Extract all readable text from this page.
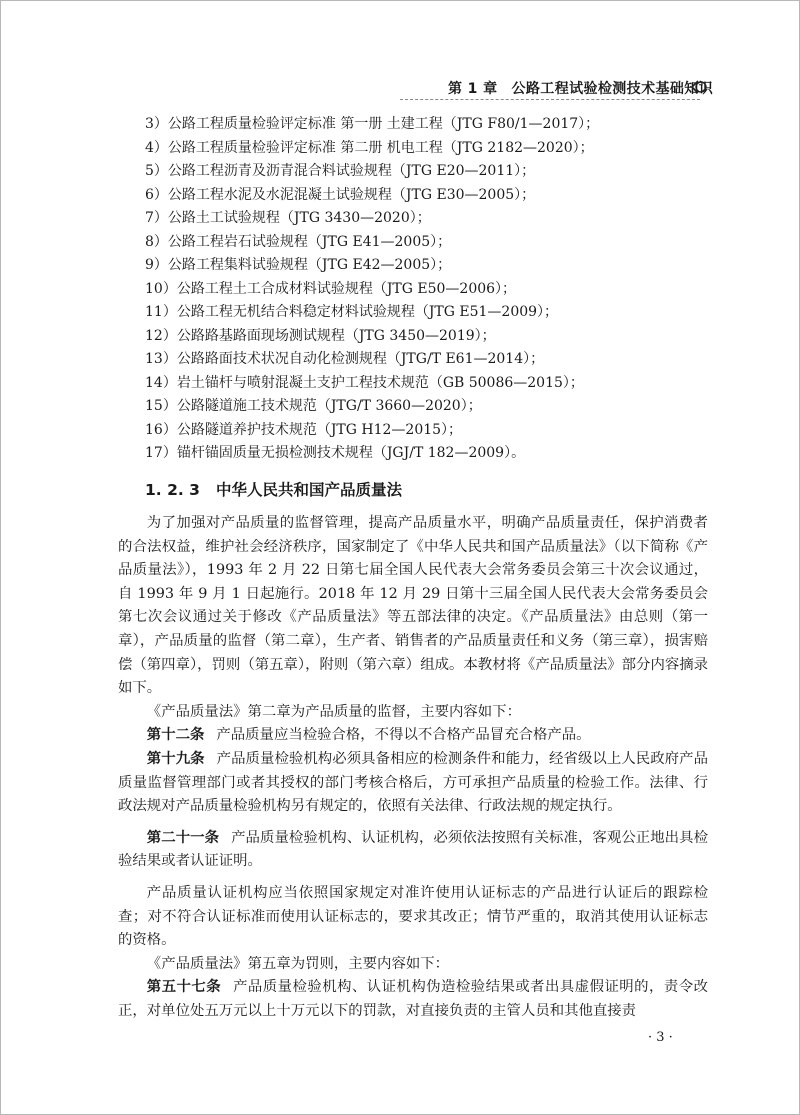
第 1 章 公路工程试验检测技术基础知识
3）公路工程质量检验评定标准 第一册 土建工程（JTG F80/1—2017）；
4）公路工程质量检验评定标准 第二册 机电工程（JTG 2182—2020）；
5）公路工程沥青及沥青混合料试验规程（JTG E20—2011）；
6）公路工程水泥及水泥混凝土试验规程（JTG E30—2005）；
7）公路土工试验规程（JTG 3430—2020）；
8）公路工程岩石试验规程（JTG E41—2005）；
9）公路工程集料试验规程（JTG E42—2005）；
10）公路工程土工合成材料试验规程（JTG E50—2006）；
11）公路工程无机结合料稳定材料试验规程（JTG E51—2009）；
12）公路路基路面现场测试规程（JTG 3450—2019）；
13）公路路面技术状况自动化检测规程（JTG/T E61—2014）；
14）岩土锚杆与喷射混凝土支护工程技术规范（GB 50086—2015）；
15）公路隧道施工技术规范（JTG/T 3660—2020）；
16）公路隧道养护技术规范（JTG H12—2015）；
17）锚杆锚固质量无损检测技术规程（JGJ/T 182—2009）。
1. 2. 3 中华人民共和国产品质量法

为了加强对产品质量的监督管理，提高产品质量水平，明确产品质量责任，保护消费者的合法权益，维护社会经济秩序，国家制定了《中华人民共和国产品质量法》（以下简称《产品质量法》），1993 年 2 月 22 日第七届全国人民代表大会常务委员会第三十次会议通过，自 1993 年 9 月 1 日起施行。2018 年 12 月 29 日第十三届全国人民代表大会常务委员会第七次会议通过关于修改《产品质量法》等五部法律的决定。《产品质量法》由总则（第一章），产品质量的监督（第二章），生产者、销售者的产品质量责任和义务（第三章），损害赔偿（第四章），罚则（第五章），附则（第六章）组成。本教材将《产品质量法》部分内容摘录如下。

《产品质量法》第二章为产品质量的监督，主要内容如下：

第十二条 产品质量应当检验合格，不得以不合格产品冒充合格产品。

第十九条 产品质量检验机构必须具备相应的检测条件和能力，经省级以上人民政府产品质量监督管理部门或者其授权的部门考核合格后，方可承担产品质量的检验工作。法律、行政法规对产品质量检验机构另有规定的，依照有关法律、行政法规的规定执行。

第二十一条 产品质量检验机构、认证机构，必须依法按照有关标准，客观公正地出具检验结果或者认证证明。

产品质量认证机构应当依照国家规定对准许使用认证标志的产品进行认证后的跟踪检查；对不符合认证标准而使用认证标志的，要求其改正；情节严重的，取消其使用认证标志的资格。

《产品质量法》第五章为罚则，主要内容如下：

第五十七条 产品质量检验机构、认证机构伪造检验结果或者出具虚假证明的，责令改正，对单位处五万元以上十万元以下的罚款，对直接负责的主管人员和其他直接责

· 3 ·
